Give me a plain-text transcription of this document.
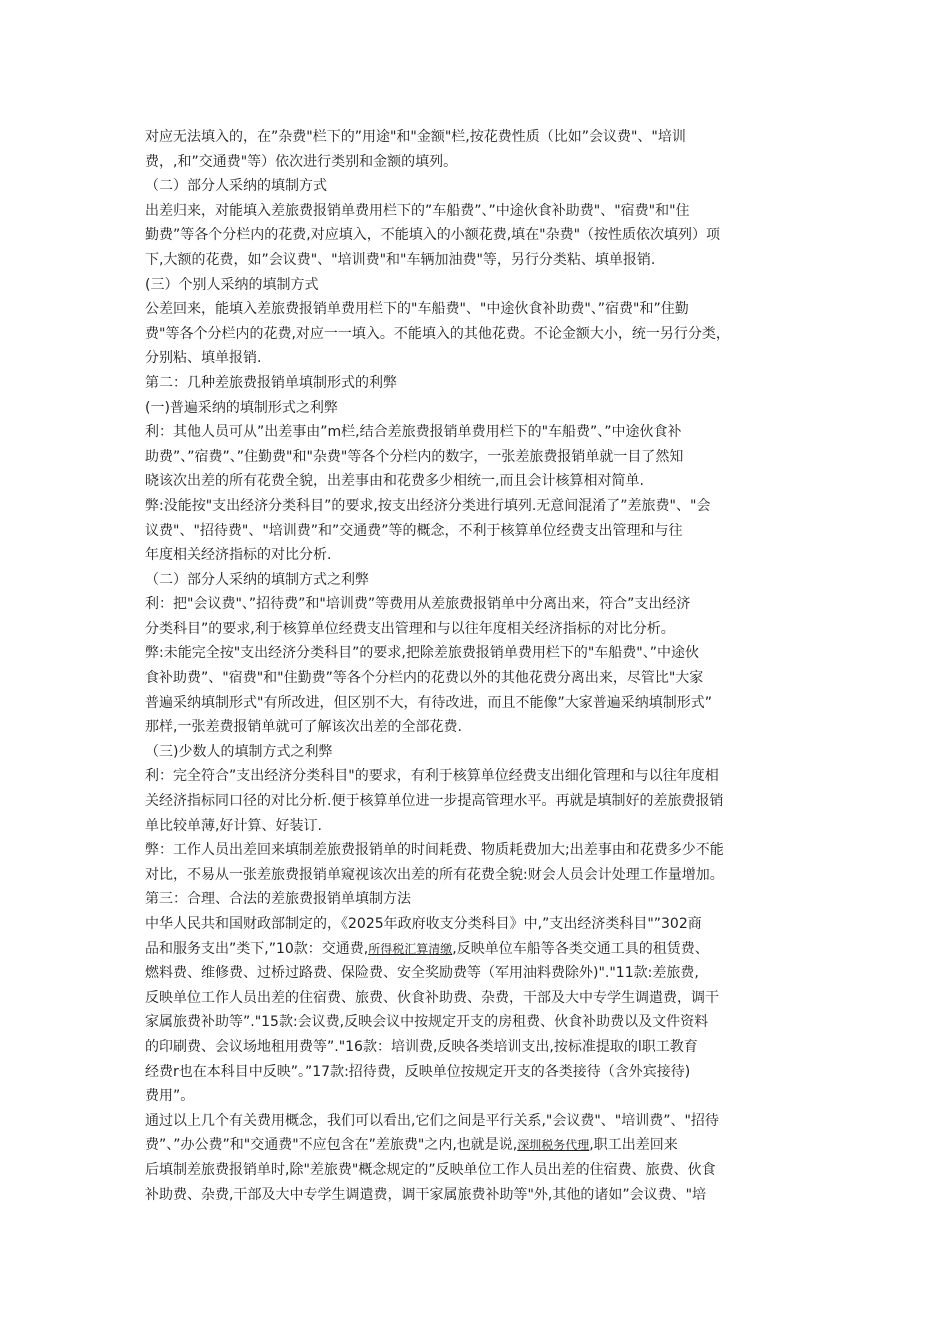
对应无法填入的，在”杂费"栏下的”用途"和"金额"栏,按花费性质（比如”会议费"、"培训
费，,和”交通费"等）依次进行类别和金额的填列。
（二）部分人采纳的填制方式
出差归来，对能填入差旅费报销单费用栏下的”车船费”、”中途伙食补助费"、"宿费"和"住
勤费”等各个分栏内的花费,对应填入，不能填入的小额花费,填在"杂费"（按性质依次填列）项
下,大额的花费，如”会议费"、"培训费"和"车辆加油费"等，另行分类粘、填单报销.
(三）个别人采纳的填制方式
公差回来，能填入差旅费报销单费用栏下的"车船费"、"中途伙食补助费"、”宿费"和”住勤
费"等各个分栏内的花费,对应一一填入。不能填入的其他花费。不论金额大小，统一另行分类，
分别粘、填单报销.
第二：几种差旅费报销单填制形式的利弊
(一)普遍采纳的填制形式之利弊
利：其他人员可从”出差事由”m栏,结合差旅费报销单费用栏下的"车船费”、”中途伙食补
助费”、”宿费”、”住勤费"和"杂费"等各个分栏内的数字，一张差旅费报销单就一目了然知
晓该次出差的所有花费全貌，出差事由和花费多少相统一,而且会计核算相对简单.
弊:没能按"支出经济分类科目”的要求,按支出经济分类进行填列.无意间混淆了”差旅费"、"会
议费"、"招待费"、"培训费”和”交通费”等的概念，不利于核算单位经费支出管理和与往
年度相关经济指标的对比分析.
（二）部分人采纳的填制方式之利弊
利：把"会议费"、”招待费”和"培训费”等费用从差旅费报销单中分离出来，符合”支出经济
分类科目”的要求,利于核算单位经费支出管理和与以往年度相关经济指标的对比分析。
弊:未能完全按"支出经济分类科目”的要求,把除差旅费报销单费用栏下的"车船费"、”中途伙
食补助费”、"宿费"和"住勤费”等各个分栏内的花费以外的其他花费分离出来，尽管比"大家
普遍采纳填制形式"有所改进，但区别不大，有待改进，而且不能像”大家普遍采纳填制形式”
那样,一张差费报销单就可了解该次出差的全部花费.
（三)少数人的填制方式之利弊
利：完全符合”支出经济分类科目"的要求，有利于核算单位经费支出细化管理和与以往年度相
关经济指标同口径的对比分析.便于核算单位进一步提高管理水平。再就是填制好的差旅费报销
单比较单薄,好计算、好装订.
弊：工作人员出差回来填制差旅费报销单的时间耗费、物质耗费加大;出差事由和花费多少不能
对比，不易从一张差旅费报销单窥视该次出差的所有花费全貌:财会人员会计处理工作量增加。
第三：合理、合法的差旅费报销单填制方法
中华人民共和国财政部制定的，《2025年政府收支分类科目》中,”支出经济类科目"”302商
品和服务支出”类下,”10款：交通费,所得税汇算清缴,反映单位车船等各类交通工具的租赁费、
燃料费、维修费、过桥过路费、保险费、安全奖励费等（军用油料费除外)"."11款:差旅费,
反映单位工作人员出差的住宿费、旅费、伙食补助费、杂费，干部及大中专学生调遣费，调干
家属旅费补助等”."15款:会议费,反映会议中按规定开支的房租费、伙食补助费以及文件资料
的印刷费、会议场地租用费等”."16款：培训费,反映各类培训支出,按标准提取的l职工教育
经费r也在本科目中反映”。”17款:招待费，反映单位按规定开支的各类接待（含外宾接待)
费用”。
通过以上几个有关费用概念，我们可以看出,它们之间是平行关系,"会议费"、"培训费”、"招待
费”、”办公费”和"交通费"不应包含在”差旅费"之内,也就是说,深圳税务代理,职工出差回来
后填制差旅费报销单时,除"差旅费"概念规定的”反映单位工作人员出差的住宿费、旅费、伙食
补助费、杂费,干部及大中专学生调遣费，调干家属旅费补助等"外,其他的诸如”会议费、"培
